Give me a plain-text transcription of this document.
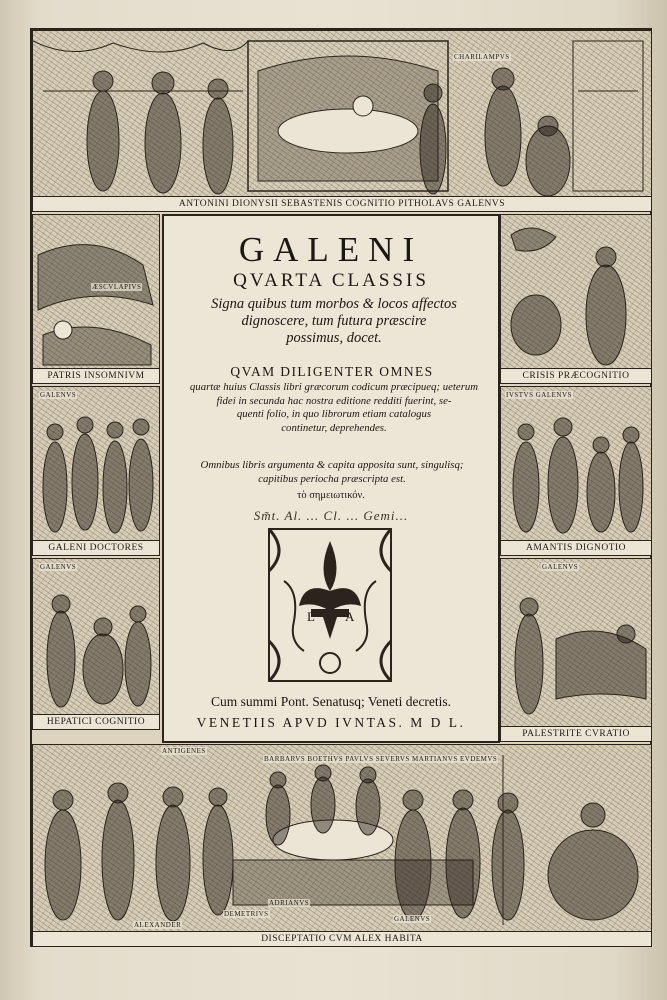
CHARILAMPVS
ANTONINI DIONYSII SEBASTENIS COGNITIO PITHOLAVS GALENVS
ÆSCVLAPIVS
PATRIS INSOMNIVM
GALENVS
GALENI DOCTORES
GALENVS
HEPATICI COGNITIO
CRISIS PRÆCOGNITIO
IVSTVS GALENVS
AMANTIS DIGNOTIO
GALENVS
PALESTRITE CVRATIO
ANTIGENES
BARBARVS BOETHVS PAVLVS SEVERVS MARTIANVS EVDEMVS
DEMETRIVS
ADRIANVS
GALENVS
ALEXANDER
DISCEPTATIO CVM ALEX HABITA
GALENI
QVARTA CLASSIS
Signa quibus tum morbos & locos affectos
dignoscere, tum futura præscire
possimus, docet.
QVAM DILIGENTER OMNES
quartæ huius Classis libri græcorum codicum præcipueq; ueterum
fidei in secunda hac nostra editione redditi fuerint, se-
quenti folio, in quo librorum etiam catalogus
continetur, deprehendes.
Omnibus libris argumenta & capita apposita sunt, singulisq;
capitibus periocha præscripta est.
τὸ σημειωτικόν.
Sm̃t. Al. ... Cl. ... Gemi...
L A
Cum summi Pont. Senatusq; Veneti decretis.
VENETIIS APVD IVNTAS. M D L.
